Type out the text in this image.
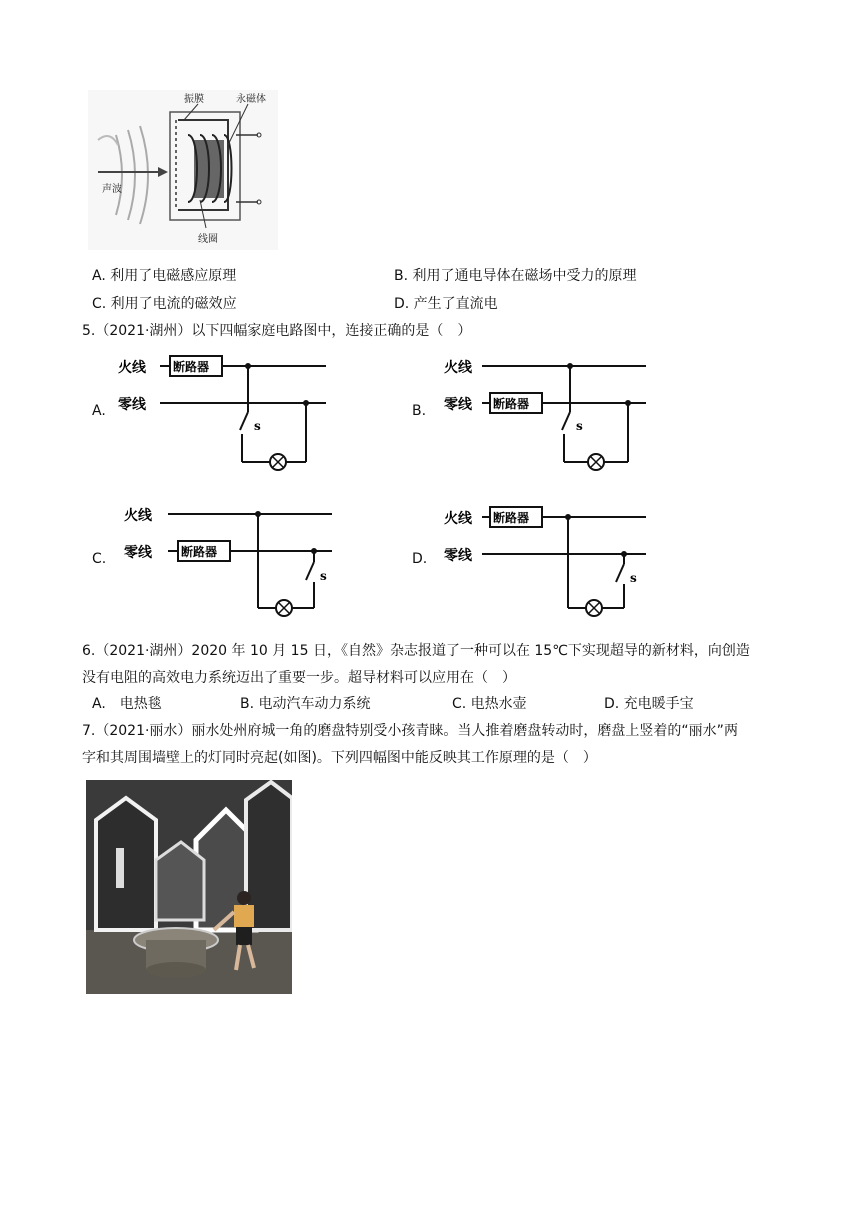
振膜	永磁体
声波
线圈
A. 利用了电磁感应原理	B. 利用了通电导体在磁场中受力的原理
C. 利用了电流的磁效应	D. 产生了直流电
5.（2021·湖州）以下四幅家庭电路图中，连接正确的是（　）
A.	B.
C.	D.
火线
零线
断路器
s
火线
零线 断路器
s
火线
零线 断路器
s
火线
零线
断路器
s
6.（2021·湖州）2020 年 10 月 15 日，《自然》杂志报道了一种可以在 15℃下实现超导的新材料，向创造
没有电阻的高效电力系统迈出了重要一步。超导材料可以应用在（　）
A.　电热毯	B. 电动汽车动力系统	C. 电热水壶	D. 充电暖手宝
7.（2021·丽水）丽水处州府城一角的磨盘特别受小孩青睐。当人推着磨盘转动时，磨盘上竖着的“丽水”两
字和其周围墙壁上的灯同时亮起(如图)。下列四幅图中能反映其工作原理的是（　）
